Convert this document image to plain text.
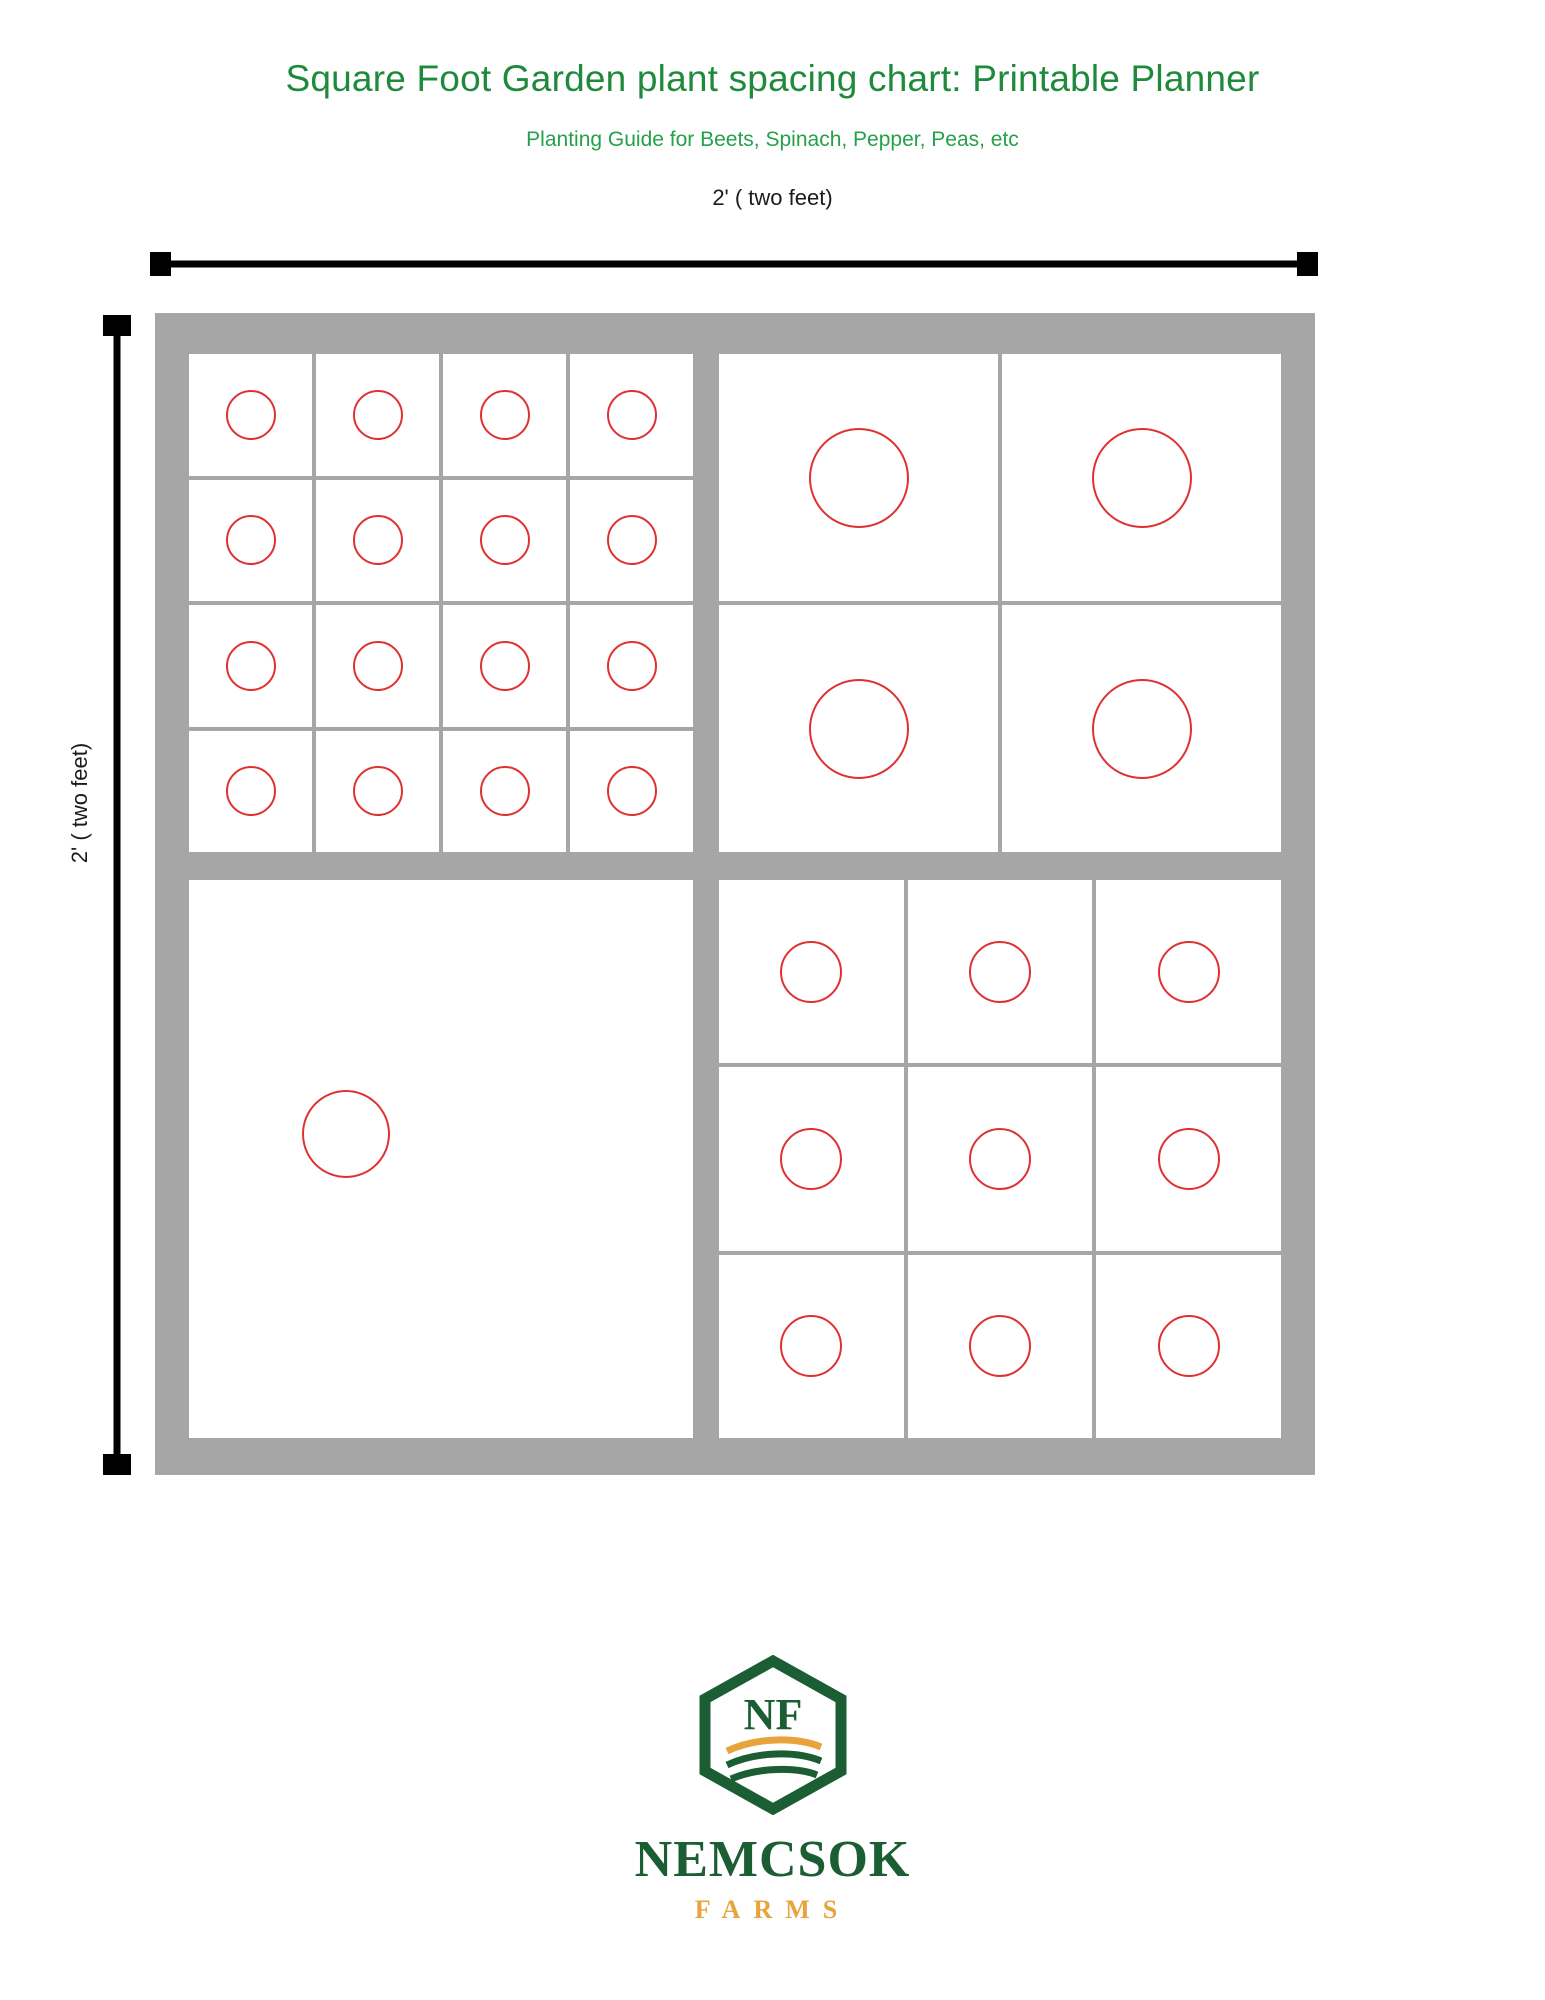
Square Foot Garden plant spacing chart: Printable Planner
Planting Guide for Beets, Spinach, Pepper, Peas, etc
2' ( two feet)
2' ( two feet)
NF
NEMCSOK
FARMS
